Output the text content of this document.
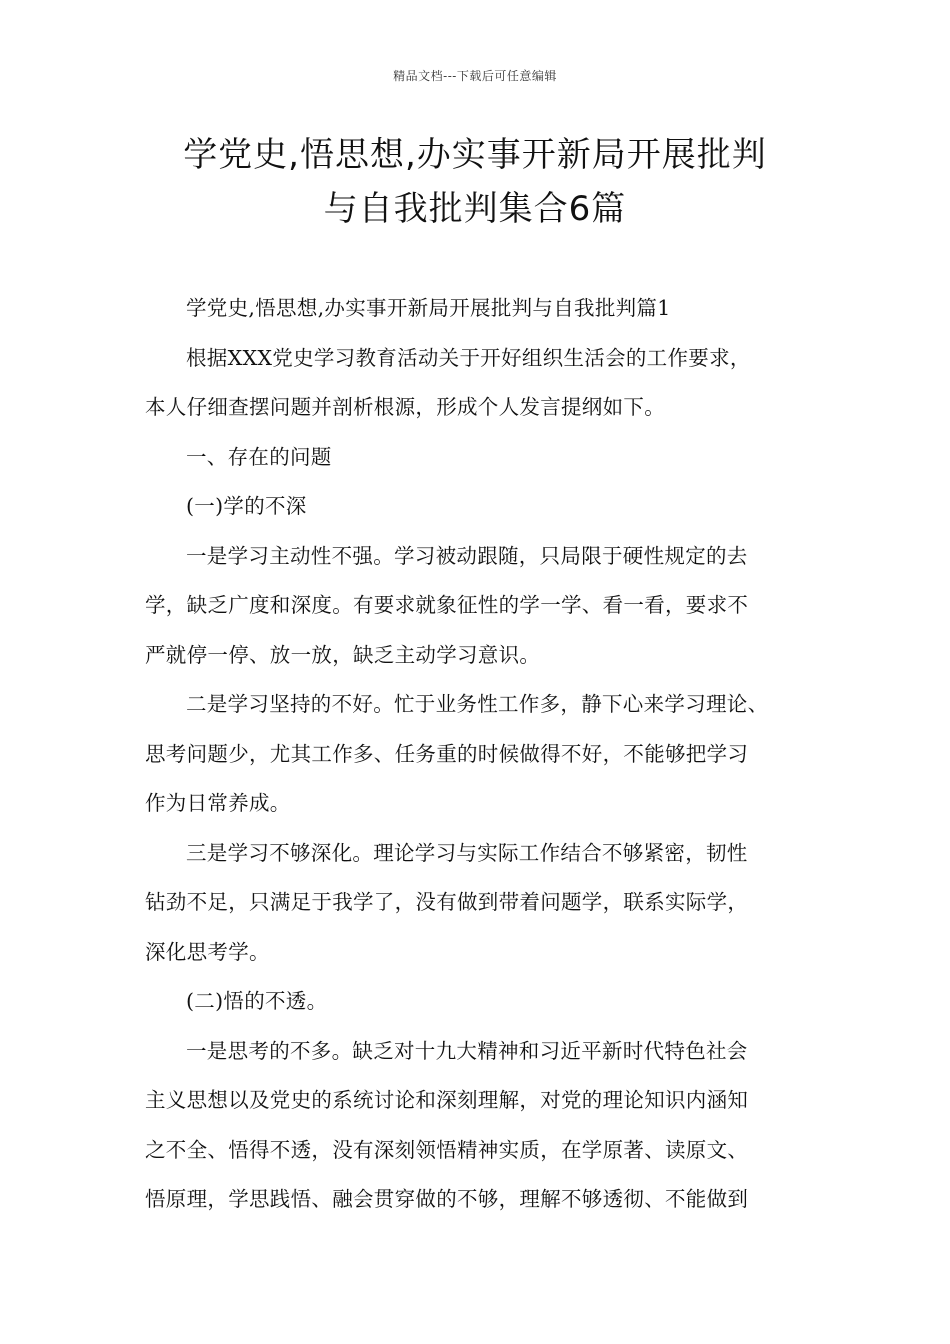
精品文档---下载后可任意编辑
学党史,悟思想,办实事开新局开展批判
与自我批判集合6篇

学党史,悟思想,办实事开新局开展批判与自我批判篇1

根据XXX党史学习教育活动关于开好组织生活会的工作要求，
本人仔细查摆问题并剖析根源，形成个人发言提纲如下。

一、存在的问题

(一)学的不深

一是学习主动性不强。学习被动跟随，只局限于硬性规定的去
学，缺乏广度和深度。有要求就象征性的学一学、看一看，要求不
严就停一停、放一放，缺乏主动学习意识。

二是学习坚持的不好。忙于业务性工作多，静下心来学习理论、
思考问题少，尤其工作多、任务重的时候做得不好，不能够把学习
作为日常养成。

三是学习不够深化。理论学习与实际工作结合不够紧密，韧性
钻劲不足，只满足于我学了，没有做到带着问题学，联系实际学，
深化思考学。

(二)悟的不透。

一是思考的不多。缺乏对十九大精神和习近平新时代特色社会
主义思想以及党史的系统讨论和深刻理解，对党的理论知识内涵知
之不全、悟得不透，没有深刻领悟精神实质，在学原著、读原文、
悟原理，学思践悟、融会贯穿做的不够，理解不够透彻、不能做到
